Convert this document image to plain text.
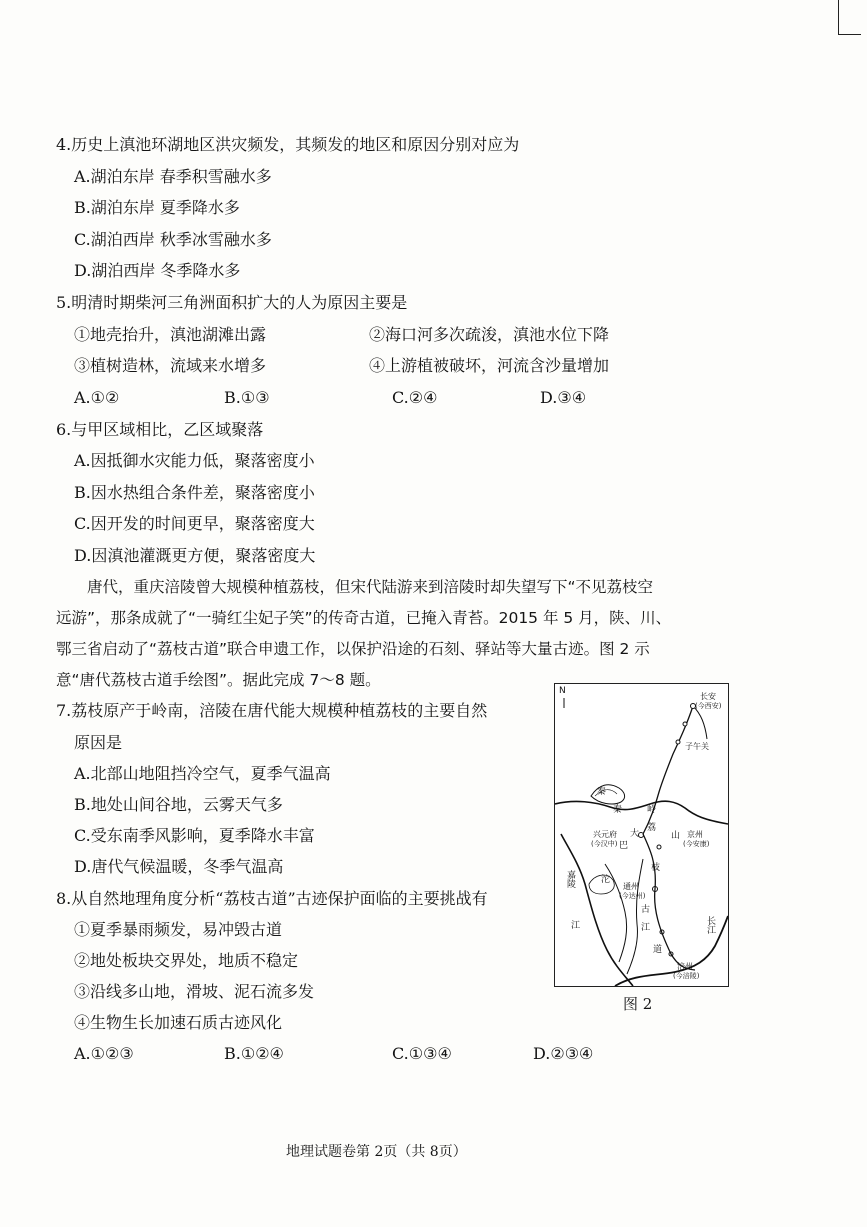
4.历史上滇池环湖地区洪灾频发，其频发的地区和原因分别对应为
A.湖泊东岸 春季积雪融水多
B.湖泊东岸 夏季降水多
C.湖泊西岸 秋季冰雪融水多
D.湖泊西岸 冬季降水多
5.明清时期柴河三角洲面积扩大的人为原因主要是
①地壳抬升，滇池湖滩出露	②海口河多次疏浚，滇池水位下降
③植树造林，流域来水增多	④上游植被破坏，河流含沙量增加
A.①②	B.①③	C.②④	D.③④
6.与甲区域相比，乙区域聚落
A.因抵御水灾能力低，聚落密度小
B.因水热组合条件差，聚落密度小
C.因开发的时间更早，聚落密度大
D.因滇池灌溉更方便，聚落密度大
唐代，重庆涪陵曾大规模种植荔枝，但宋代陆游来到涪陵时却失望写下“不见荔枝空
远游”，那条成就了“一骑红尘妃子笑”的传奇古道，已掩入青苔。2015 年 5 月，陕、川、
鄂三省启动了“荔枝古道”联合申遗工作，以保护沿途的石刻、驿站等大量古迹。图 2 示
意“唐代荔枝古道手绘图”。据此完成 7～8 题。
7.荔枝原产于岭南，涪陵在唐代能大规模种植荔枝的主要自然
原因是
A.北部山地阻挡冷空气，夏季气温高
B.地处山间谷地，云雾天气多
C.受东南季风影响，夏季降水丰富
D.唐代气候温暖，冬季气温高
8.从自然地理角度分析“荔枝古道”古迹保护面临的主要挑战有
①夏季暴雨频发，易冲毁古道
②地处板块交界处，地质不稳定
③沿线多山地，滑坡、泥石流多发
④生物生长加速石质古迹风化
A.①②③	B.①②④	C.①③④	D.②③④
N
长安
(今西安)
子午关
秦
秦	岭
兴元府
(今汉中)
大
巴
荔
山 京州
(今安康)
嘉陵
江
沱
枝
通州
(今达州)
古
江
道
长江
涪州
(今涪陵)
图 2
地理试题卷第 2页（共 8页）
